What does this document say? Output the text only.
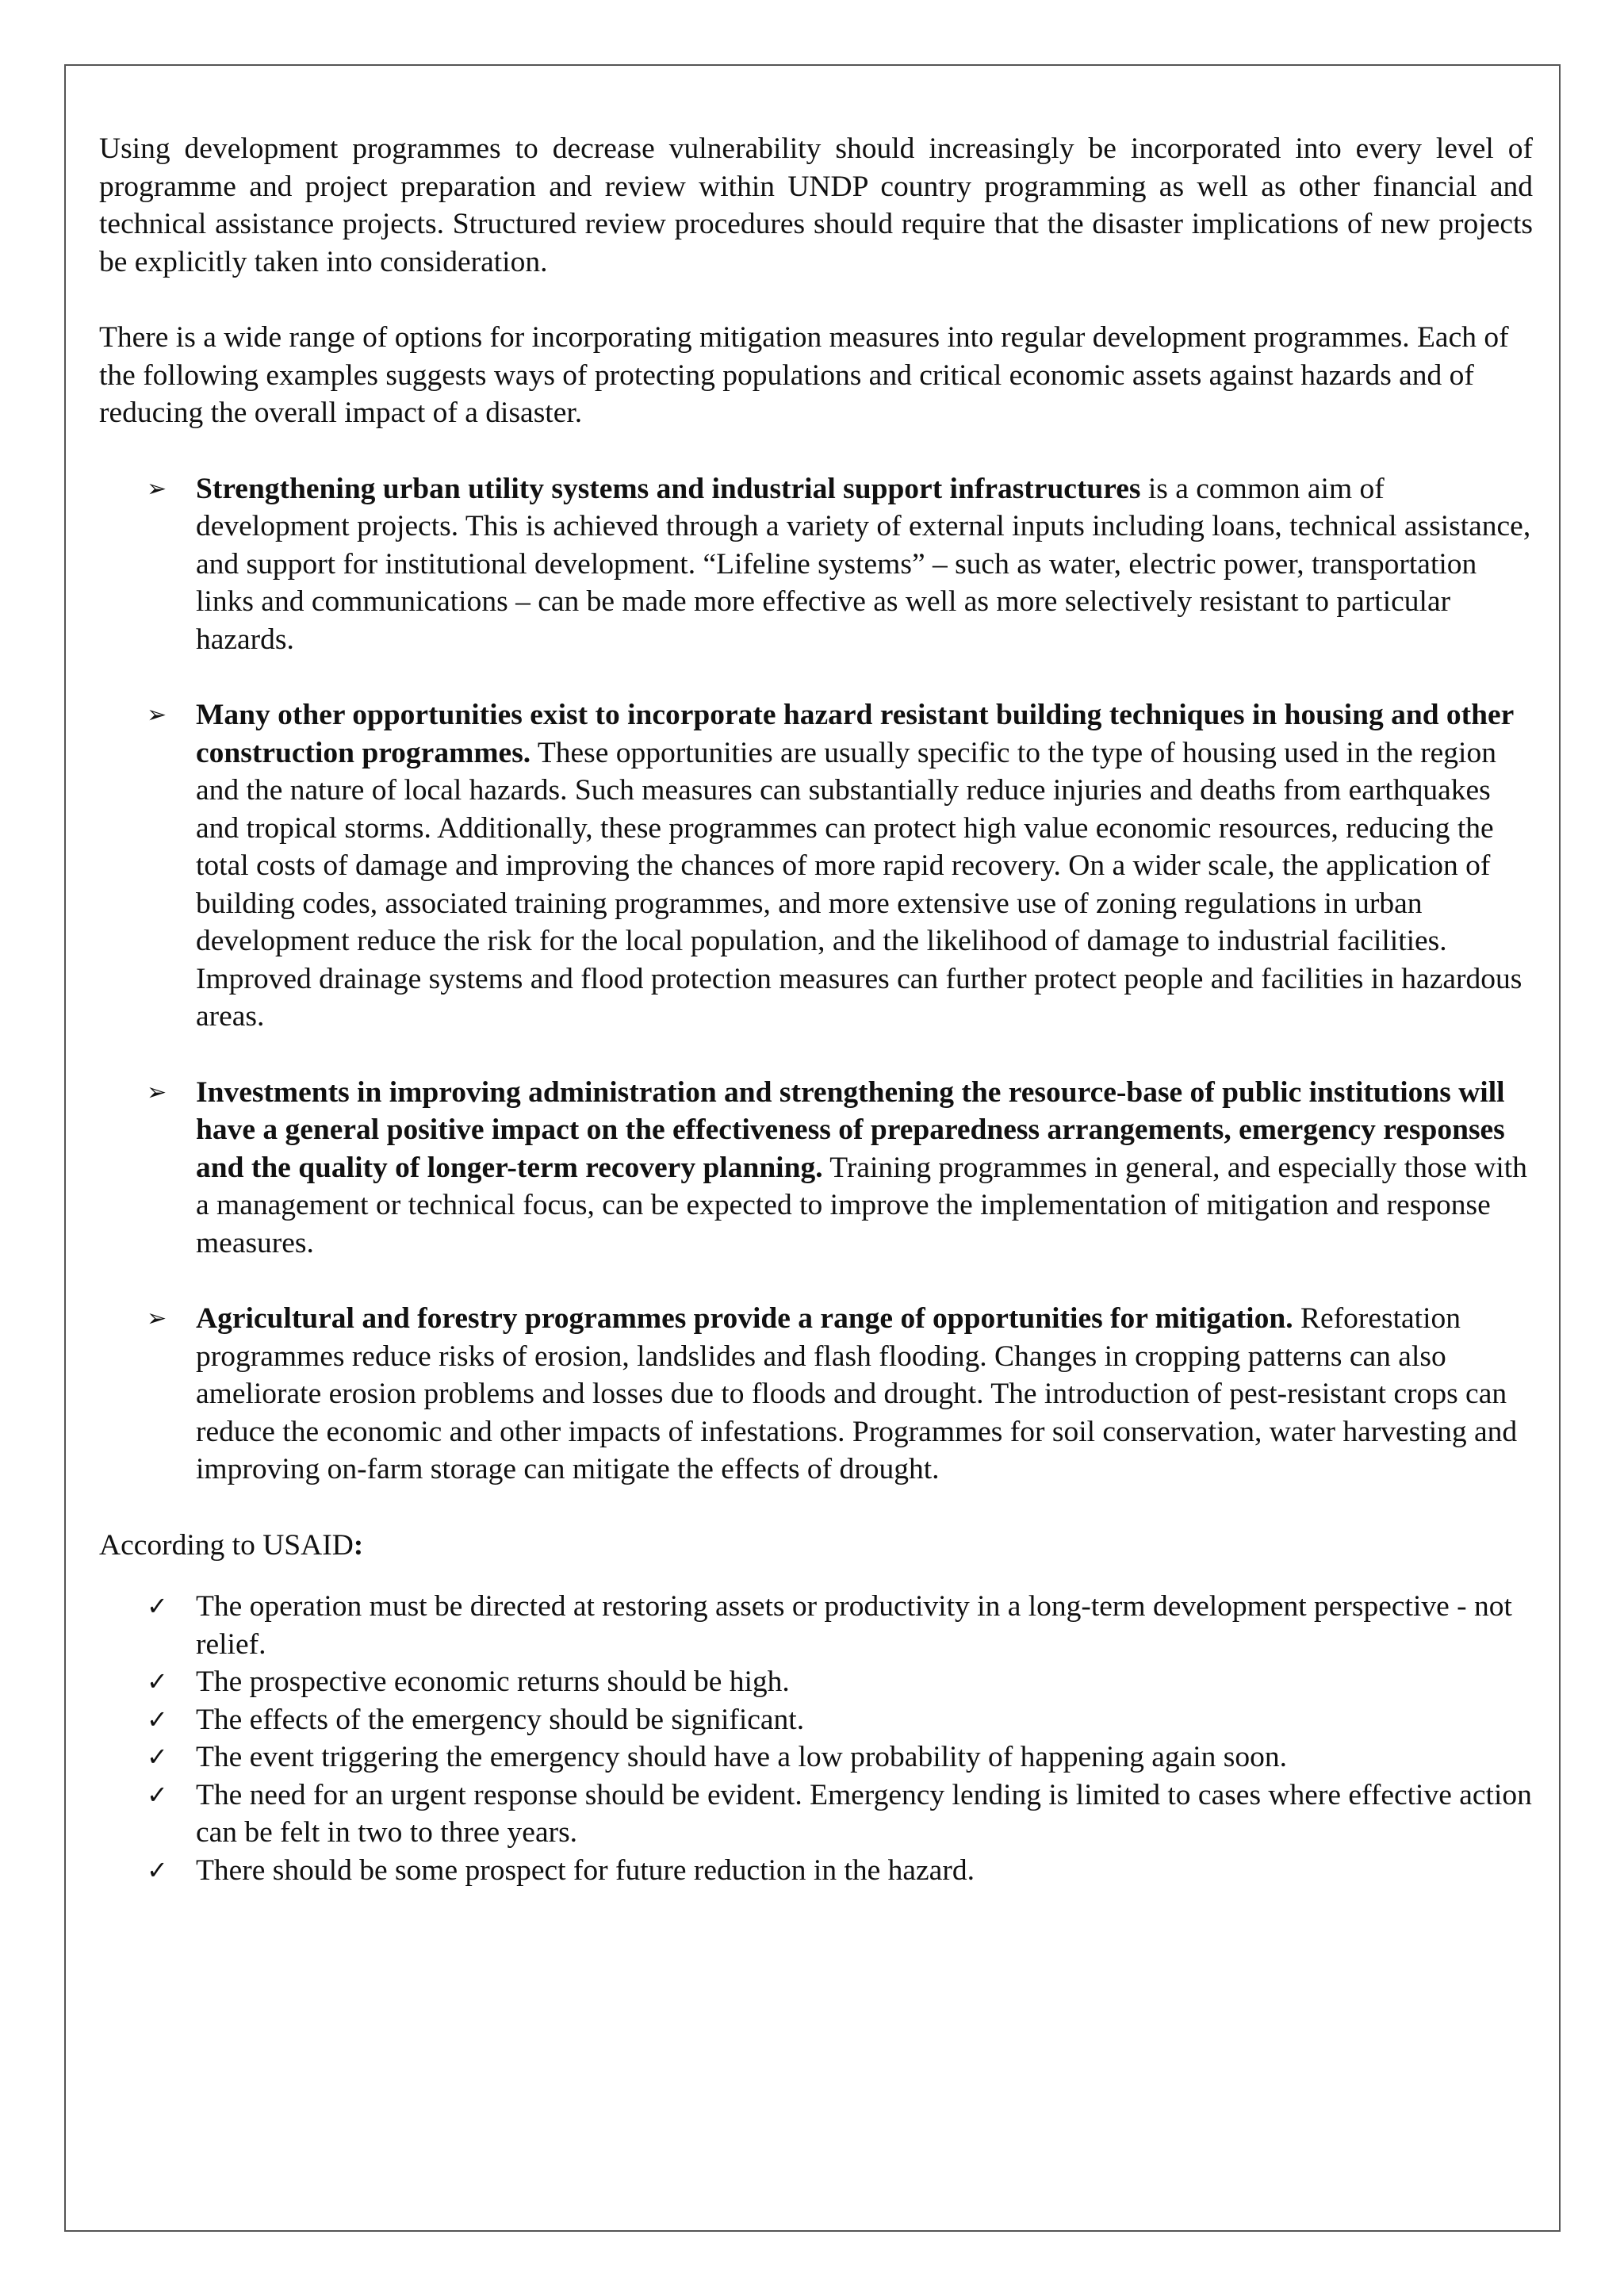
Using development programmes to decrease vulnerability should increasingly be incorporated into every level of programme and project preparation and review within UNDP country programming as well as other financial and technical assistance projects. Structured review procedures should require that the disaster implications of new projects be explicitly taken into consideration.

There is a wide range of options for incorporating mitigation measures into regular development programmes. Each of the following examples suggests ways of protecting populations and critical economic assets against hazards and of reducing the overall impact of a disaster.

➢ Strengthening urban utility systems and industrial support infrastructures is a common aim of development projects. This is achieved through a variety of external inputs including loans, technical assistance, and support for institutional development. “Lifeline systems” – such as water, electric power, transportation links and communications – can be made more effective as well as more selectively resistant to particular hazards.
➢ Many other opportunities exist to incorporate hazard resistant building techniques in housing and other construction programmes. These opportunities are usually specific to the type of housing used in the region and the nature of local hazards. Such measures can substantially reduce injuries and deaths from earthquakes and tropical storms. Additionally, these programmes can protect high value economic resources, reducing the total costs of damage and improving the chances of more rapid recovery. On a wider scale, the application of building codes, associated training programmes, and more extensive use of zoning regulations in urban development reduce the risk for the local population, and the likelihood of damage to industrial facilities. Improved drainage systems and flood protection measures can further protect people and facilities in hazardous areas.
➢ Investments in improving administration and strengthening the resource-base of public institutions will have a general positive impact on the effectiveness of preparedness arrangements, emergency responses and the quality of longer-term recovery planning. Training programmes in general, and especially those with a management or technical focus, can be expected to improve the implementation of mitigation and response measures.
➢ Agricultural and forestry programmes provide a range of opportunities for mitigation. Reforestation programmes reduce risks of erosion, landslides and flash flooding. Changes in cropping patterns can also ameliorate erosion problems and losses due to floods and drought. The introduction of pest-resistant crops can reduce the economic and other impacts of infestations. Programmes for soil conservation, water harvesting and improving on-farm storage can mitigate the effects of drought.

According to USAID:

✓ The operation must be directed at restoring assets or productivity in a long-term development perspective - not relief.
✓ The prospective economic returns should be high.
✓ The effects of the emergency should be significant.
✓ The event triggering the emergency should have a low probability of happening again soon.
✓ The need for an urgent response should be evident. Emergency lending is limited to cases where effective action can be felt in two to three years.
✓ There should be some prospect for future reduction in the hazard.
